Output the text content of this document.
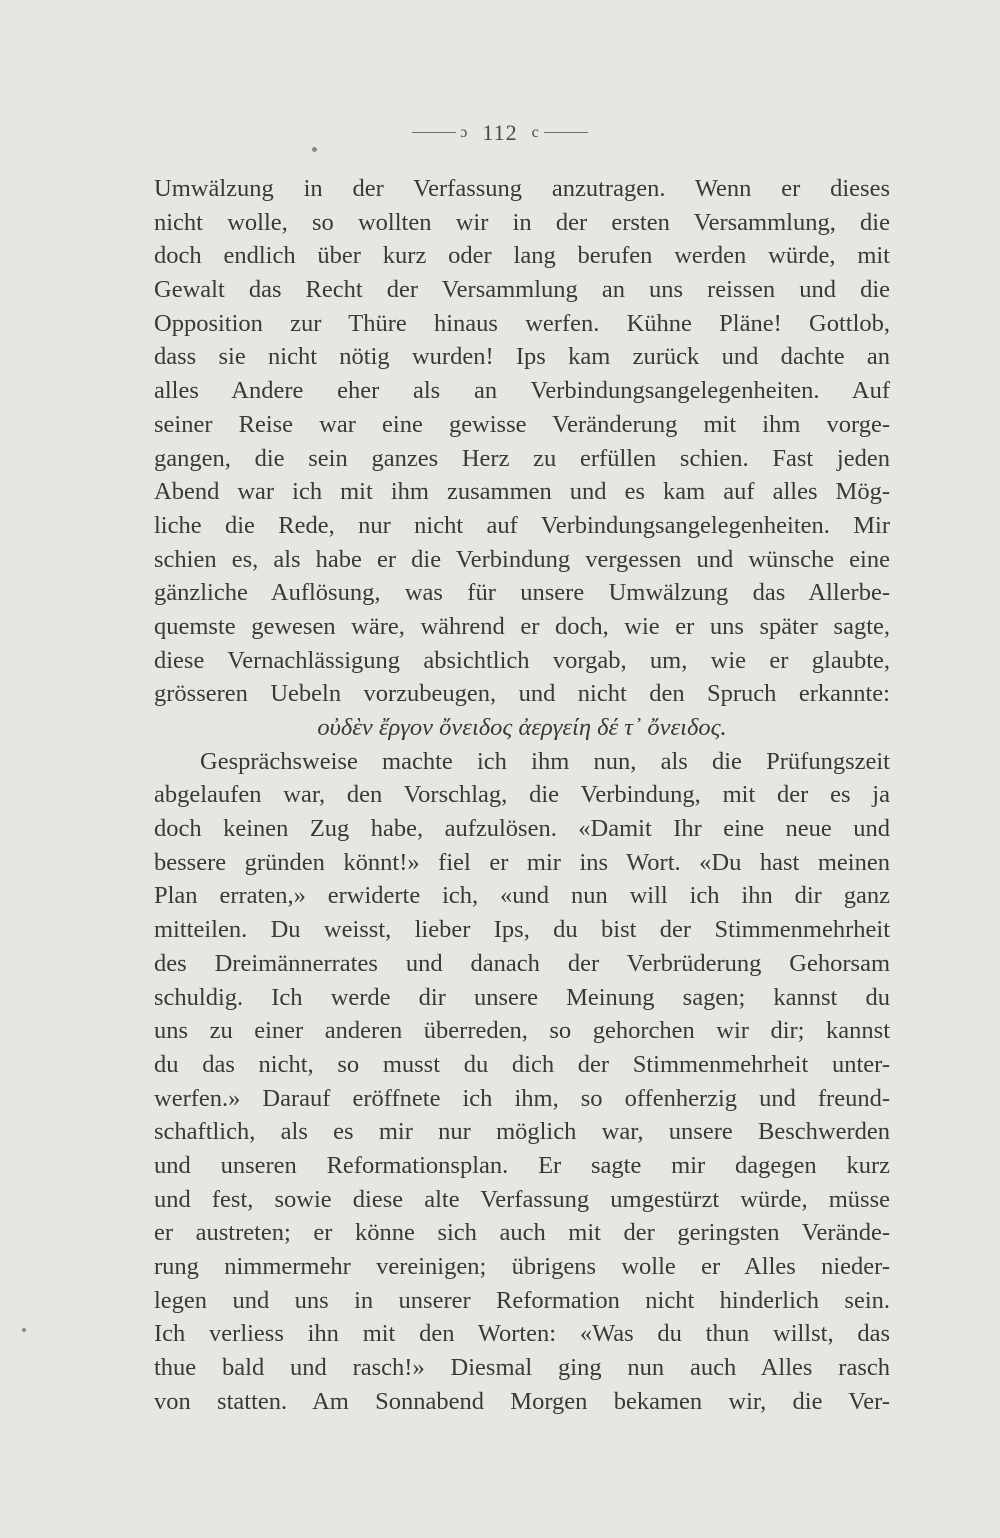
ɔ 112 c
Umwälzung in der Verfassung anzutragen. Wenn er dieses
nicht wolle, so wollten wir in der ersten Versammlung, die
doch endlich über kurz oder lang berufen werden würde, mit
Gewalt das Recht der Versammlung an uns reissen und die
Opposition zur Thüre hinaus werfen. Kühne Pläne! Gottlob,
dass sie nicht nötig wurden! Ips kam zurück und dachte an
alles Andere eher als an Verbindungsangelegenheiten. Auf
seiner Reise war eine gewisse Veränderung mit ihm vorge-
gangen, die sein ganzes Herz zu erfüllen schien. Fast jeden
Abend war ich mit ihm zusammen und es kam auf alles Mög-
liche die Rede, nur nicht auf Verbindungsangelegenheiten. Mir
schien es, als habe er die Verbindung vergessen und wünsche eine
gänzliche Auflösung, was für unsere Umwälzung das Allerbe-
quemste gewesen wäre, während er doch, wie er uns später sagte,
diese Vernachlässigung absichtlich vorgab, um, wie er glaubte,
grösseren Uebeln vorzubeugen, und nicht den Spruch erkannte:
οὐδὲν ἔργον ὄνειδος ἀεργείη δέ τ᾽ ὄνειδος.
Gesprächsweise machte ich ihm nun, als die Prüfungszeit
abgelaufen war, den Vorschlag, die Verbindung, mit der es ja
doch keinen Zug habe, aufzulösen. «Damit Ihr eine neue und
bessere gründen könnt!» fiel er mir ins Wort. «Du hast meinen
Plan erraten,» erwiderte ich, «und nun will ich ihn dir ganz
mitteilen. Du weisst, lieber Ips, du bist der Stimmenmehrheit
des Dreimännerrates und danach der Verbrüderung Gehorsam
schuldig. Ich werde dir unsere Meinung sagen; kannst du
uns zu einer anderen überreden, so gehorchen wir dir; kannst
du das nicht, so musst du dich der Stimmenmehrheit unter-
werfen.» Darauf eröffnete ich ihm, so offenherzig und freund-
schaftlich, als es mir nur möglich war, unsere Beschwerden
und unseren Reformationsplan. Er sagte mir dagegen kurz
und fest, sowie diese alte Verfassung umgestürzt würde, müsse
er austreten; er könne sich auch mit der geringsten Verände-
rung nimmermehr vereinigen; übrigens wolle er Alles nieder-
legen und uns in unserer Reformation nicht hinderlich sein.
Ich verliess ihn mit den Worten: «Was du thun willst, das
thue bald und rasch!» Diesmal ging nun auch Alles rasch
von statten. Am Sonnabend Morgen bekamen wir, die Ver-
